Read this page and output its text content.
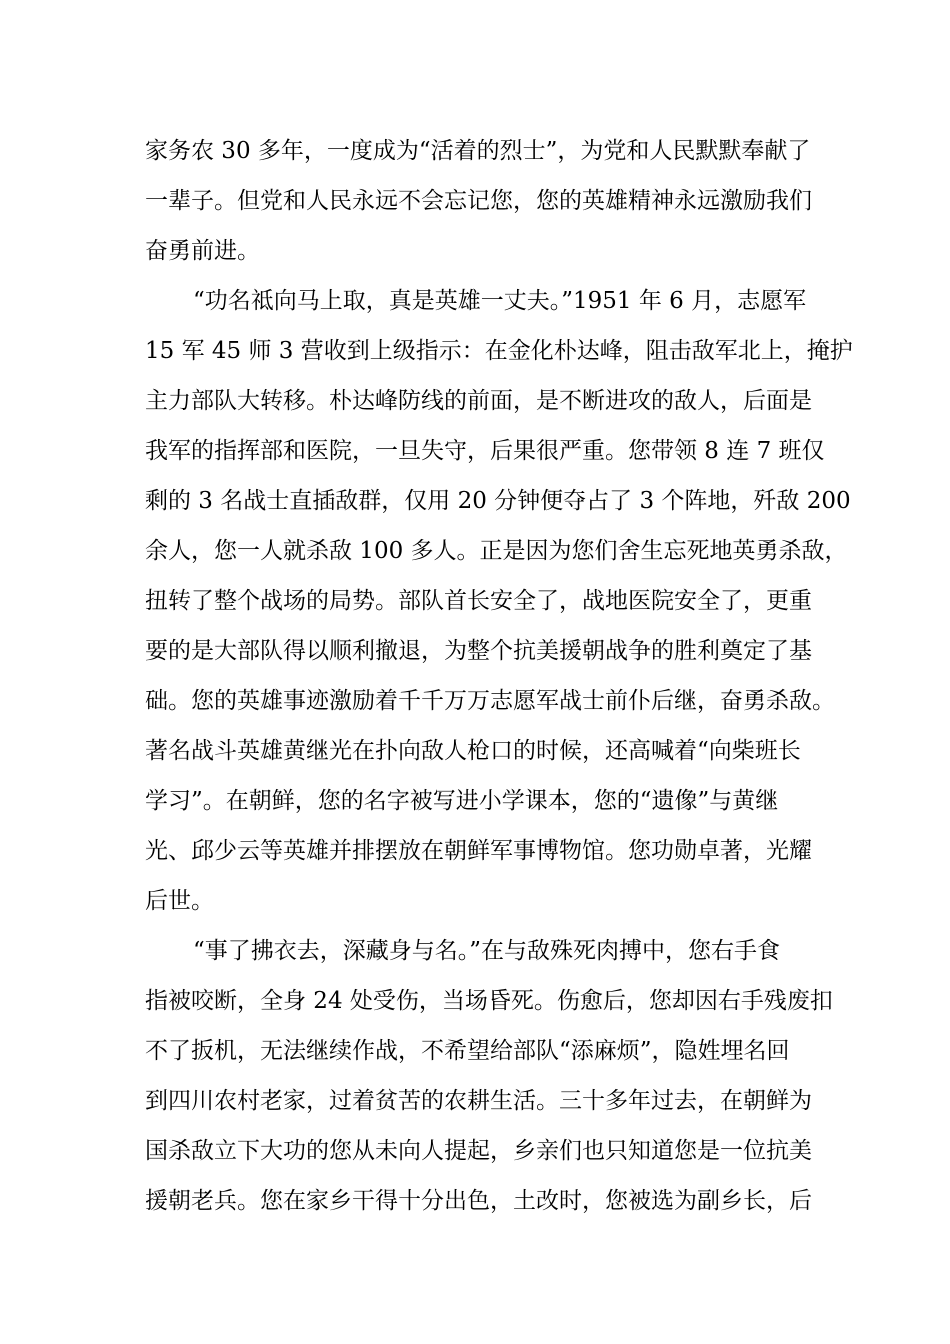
家务农 30 多年，一度成为“活着的烈士”，为党和人民默默奉献了
一辈子。但党和人民永远不会忘记您，您的英雄精神永远激励我们
奋勇前进。
“功名祗向马上取，真是英雄一丈夫。”1951 年 6 月，志愿军
15 军 45 师 3 营收到上级指示：在金化朴达峰，阻击敌军北上，掩护
主力部队大转移。朴达峰防线的前面，是不断进攻的敌人，后面是
我军的指挥部和医院，一旦失守，后果很严重。您带领 8 连 7 班仅
剩的 3 名战士直插敌群，仅用 20 分钟便夺占了 3 个阵地，歼敌 200
余人，您一人就杀敌 100 多人。正是因为您们舍生忘死地英勇杀敌，
扭转了整个战场的局势。部队首长安全了，战地医院安全了，更重
要的是大部队得以顺利撤退，为整个抗美援朝战争的胜利奠定了基
础。您的英雄事迹激励着千千万万志愿军战士前仆后继，奋勇杀敌。
著名战斗英雄黄继光在扑向敌人枪口的时候，还高喊着“向柴班长
学习”。在朝鲜，您的名字被写进小学课本，您的“遗像”与黄继
光、邱少云等英雄并排摆放在朝鲜军事博物馆。您功勋卓著，光耀
后世。
“事了拂衣去，深藏身与名。”在与敌殊死肉搏中，您右手食
指被咬断，全身 24 处受伤，当场昏死。伤愈后，您却因右手残废扣
不了扳机，无法继续作战，不希望给部队“添麻烦”，隐姓埋名回
到四川农村老家，过着贫苦的农耕生活。三十多年过去，在朝鲜为
国杀敌立下大功的您从未向人提起，乡亲们也只知道您是一位抗美
援朝老兵。您在家乡干得十分出色，土改时，您被选为副乡长，后
